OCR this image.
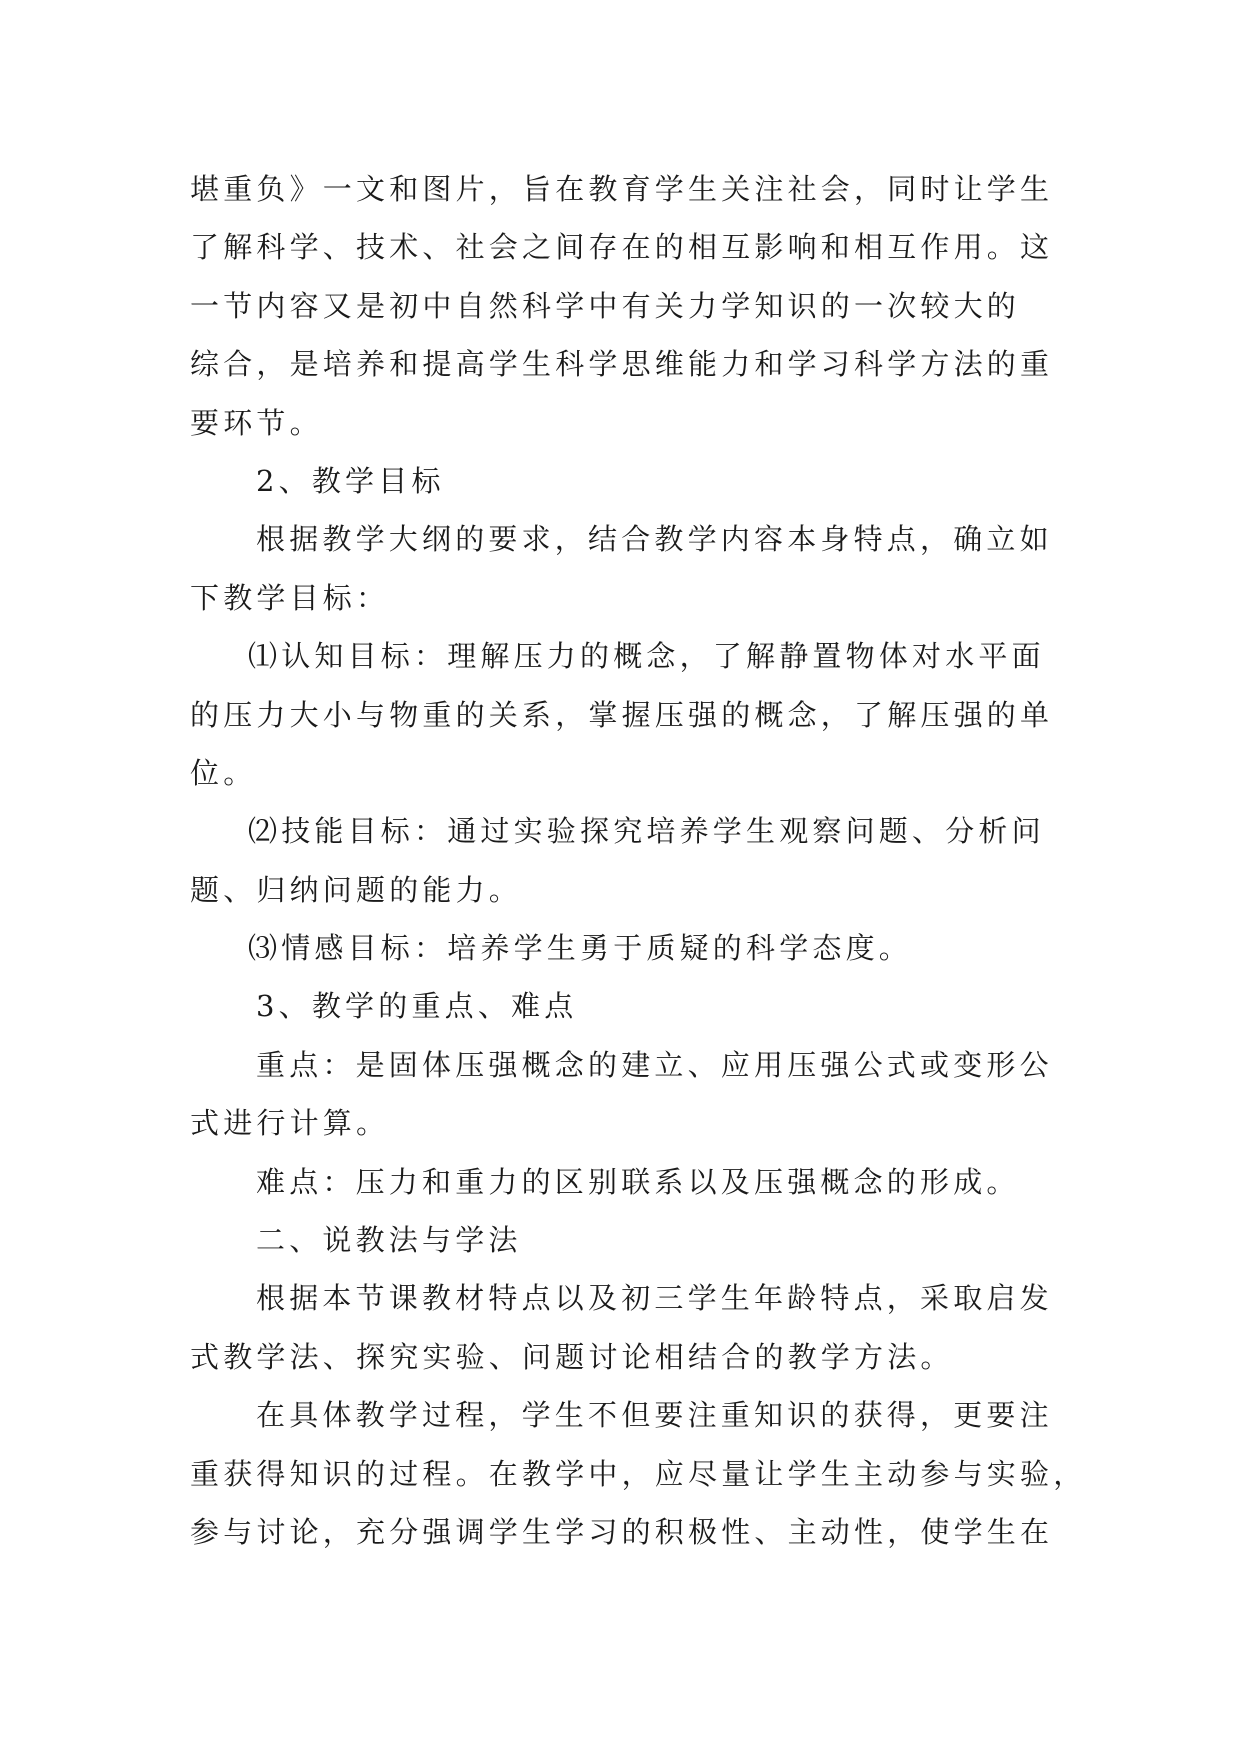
堪重负》一文和图片，旨在教育学生关注社会，同时让学生
了解科学、技术、社会之间存在的相互影响和相互作用。这
一节内容又是初中自然科学中有关力学知识的一次较大的
综合，是培养和提高学生科学思维能力和学习科学方法的重
要环节。
2、教学目标
根据教学大纲的要求，结合教学内容本身特点，确立如
下教学目标：
⑴认知目标：理解压力的概念，了解静置物体对水平面
的压力大小与物重的关系，掌握压强的概念，了解压强的单
位。
⑵技能目标：通过实验探究培养学生观察问题、分析问
题、归纳问题的能力。
⑶情感目标：培养学生勇于质疑的科学态度。
3、教学的重点、难点
重点：是固体压强概念的建立、应用压强公式或变形公
式进行计算。
难点：压力和重力的区别联系以及压强概念的形成。
二、说教法与学法
根据本节课教材特点以及初三学生年龄特点，采取启发
式教学法、探究实验、问题讨论相结合的教学方法。
在具体教学过程，学生不但要注重知识的获得，更要注
重获得知识的过程。在教学中，应尽量让学生主动参与实验，
参与讨论，充分强调学生学习的积极性、主动性，使学生在
